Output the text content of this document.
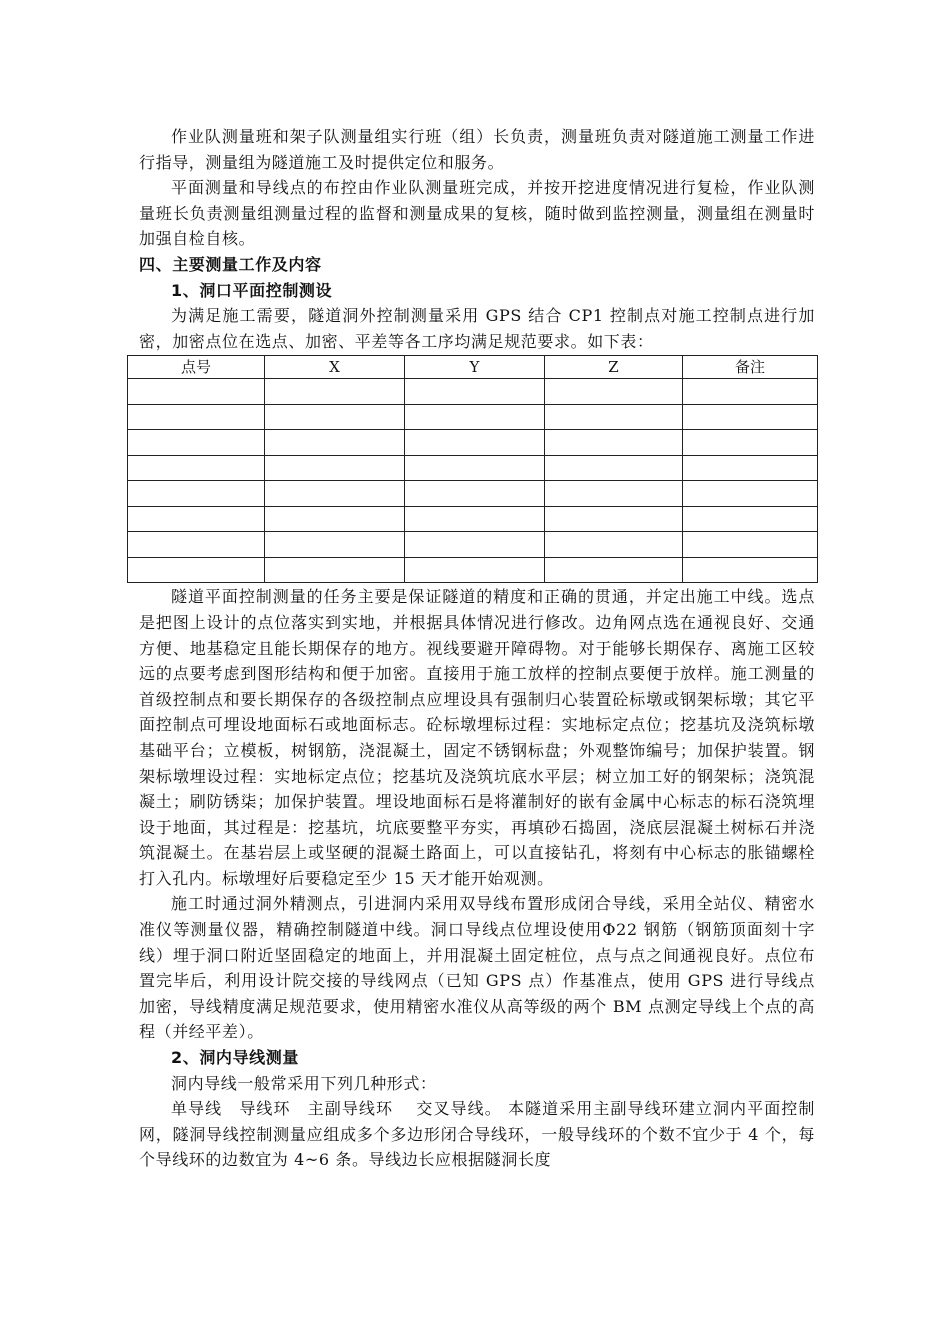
作业队测量班和架子队测量组实行班（组）长负责，测量班负责对隧道施工测量工作进行指导，测量组为隧道施工及时提供定位和服务。

平面测量和导线点的布控由作业队测量班完成，并按开挖进度情况进行复检，作业队测量班长负责测量组测量过程的监督和测量成果的复核，随时做到监控测量，测量组在测量时加强自检自核。

四、主要测量工作及内容

1、洞口平面控制测设

为满足施工需要，隧道洞外控制测量采用 GPS 结合 CP1 控制点对施工控制点进行加密，加密点位在选点、加密、平差等各工序均满足规范要求。如下表：

点号	X	Y	Z	备注

隧道平面控制测量的任务主要是保证隧道的精度和正确的贯通，并定出施工中线。选点是把图上设计的点位落实到实地，并根据具体情况进行修改。边角网点选在通视良好、交通方便、地基稳定且能长期保存的地方。视线要避开障碍物。对于能够长期保存、离施工区较远的点要考虑到图形结构和便于加密。直接用于施工放样的控制点要便于放样。施工测量的首级控制点和要长期保存的各级控制点应埋设具有强制归心装置砼标墩或钢架标墩；其它平面控制点可埋设地面标石或地面标志。砼标墩埋标过程：实地标定点位；挖基坑及浇筑标墩基础平台；立模板，树钢筋，浇混凝土，固定不锈钢标盘；外观整饰编号；加保护装置。钢架标墩埋设过程：实地标定点位；挖基坑及浇筑坑底水平层；树立加工好的钢架标；浇筑混凝土；刷防锈柒；加保护装置。埋设地面标石是将灌制好的嵌有金属中心标志的标石浇筑埋设于地面，其过程是：挖基坑，坑底要整平夯实，再填砂石捣固，浇底层混凝土树标石并浇筑混凝土。在基岩层上或坚硬的混凝土路面上，可以直接钻孔，将刻有中心标志的胀锚螺栓打入孔内。标墩埋好后要稳定至少 15 天才能开始观测。

施工时通过洞外精测点，引进洞内采用双导线布置形成闭合导线，采用全站仪、精密水准仪等测量仪器，精确控制隧道中线。洞口导线点位埋设使用Φ22 钢筋（钢筋顶面刻十字线）埋于洞口附近坚固稳定的地面上，并用混凝土固定桩位，点与点之间通视良好。点位布置完毕后，利用设计院交接的导线网点（已知 GPS 点）作基准点，使用 GPS 进行导线点加密，导线精度满足规范要求，使用精密水准仪从高等级的两个 BM 点测定导线上个点的高程（并经平差）。

2、洞内导线测量

洞内导线一般常采用下列几种形式：

单导线　导线环　主副导线环　 交叉导线。 本隧道采用主副导线环建立洞内平面控制网，隧洞导线控制测量应组成多个多边形闭合导线环，一般导线环的个数不宜少于 4 个，每个导线环的边数宜为 4~6 条。导线边长应根据隧洞长度
